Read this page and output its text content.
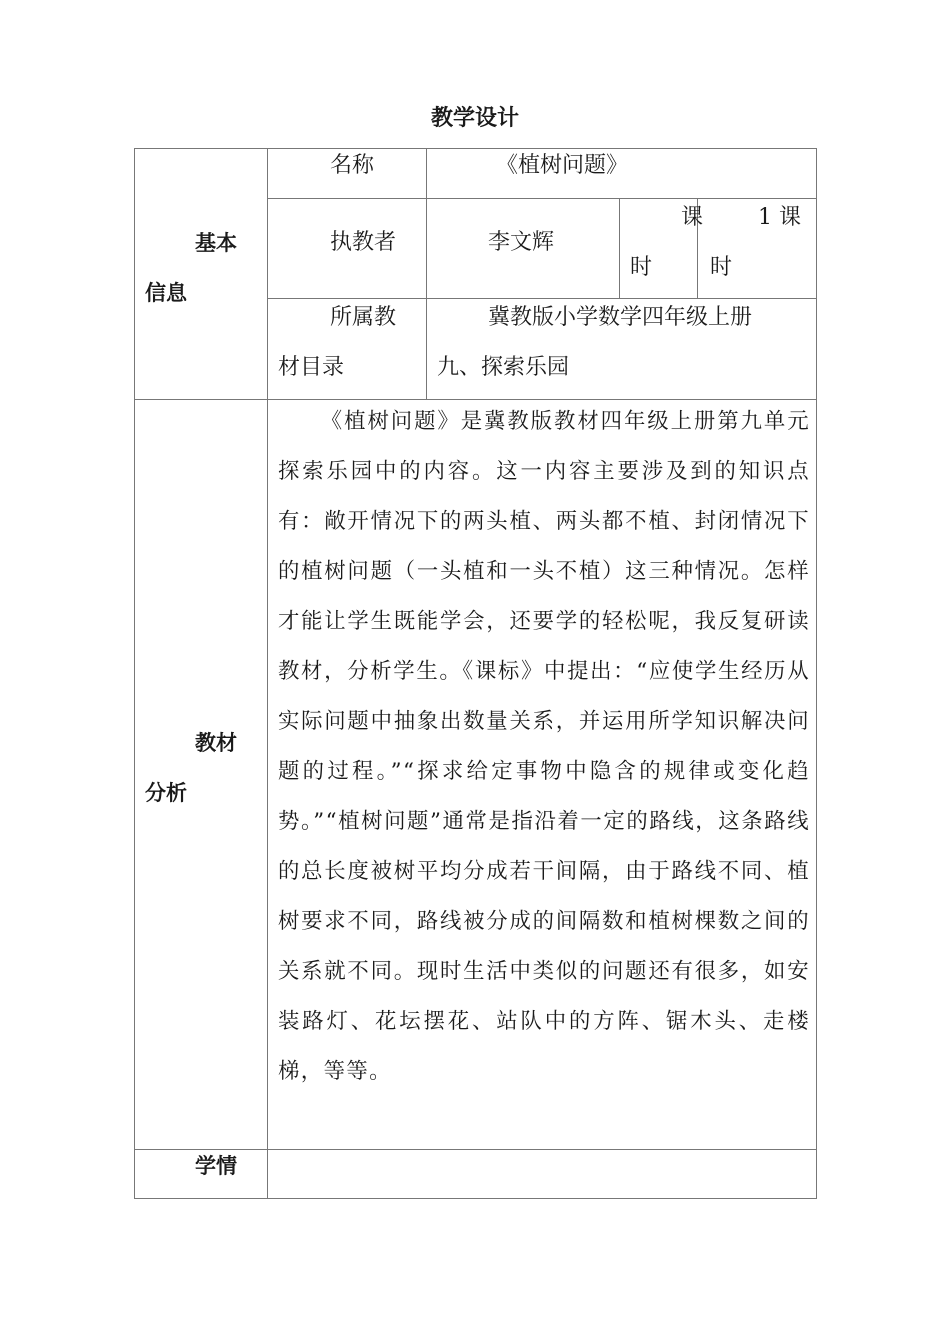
教学设计
基本
信息
名称	《植树问题》
执教者	李文辉
课
时
1 课
时
所属教
材目录
冀教版小学数学四年级上册
九、探索乐园
教材
分析

《植树问题》是冀教版教材四年级上册第九单元探索乐园中的内容。这一内容主要涉及到的知识点有：敞开情况下的两头植、两头都不植、封闭情况下的植树问题（一头植和一头不植）这三种情况。怎样才能让学生既能学会，还要学的轻松呢，我反复研读教材，分析学生。《课标》中提出：“应使学生经历从实际问题中抽象出数量关系，并运用所学知识解决问题的过程。”“探求给定事物中隐含的规律或变化趋势。”“植树问题”通常是指沿着一定的路线，这条路线的总长度被树平均分成若干间隔，由于路线不同、植树要求不同，路线被分成的间隔数和植树棵数之间的关系就不同。现时生活中类似的问题还有很多，如安装路灯、花坛摆花、站队中的方阵、锯木头、走楼梯，等等。

学情
